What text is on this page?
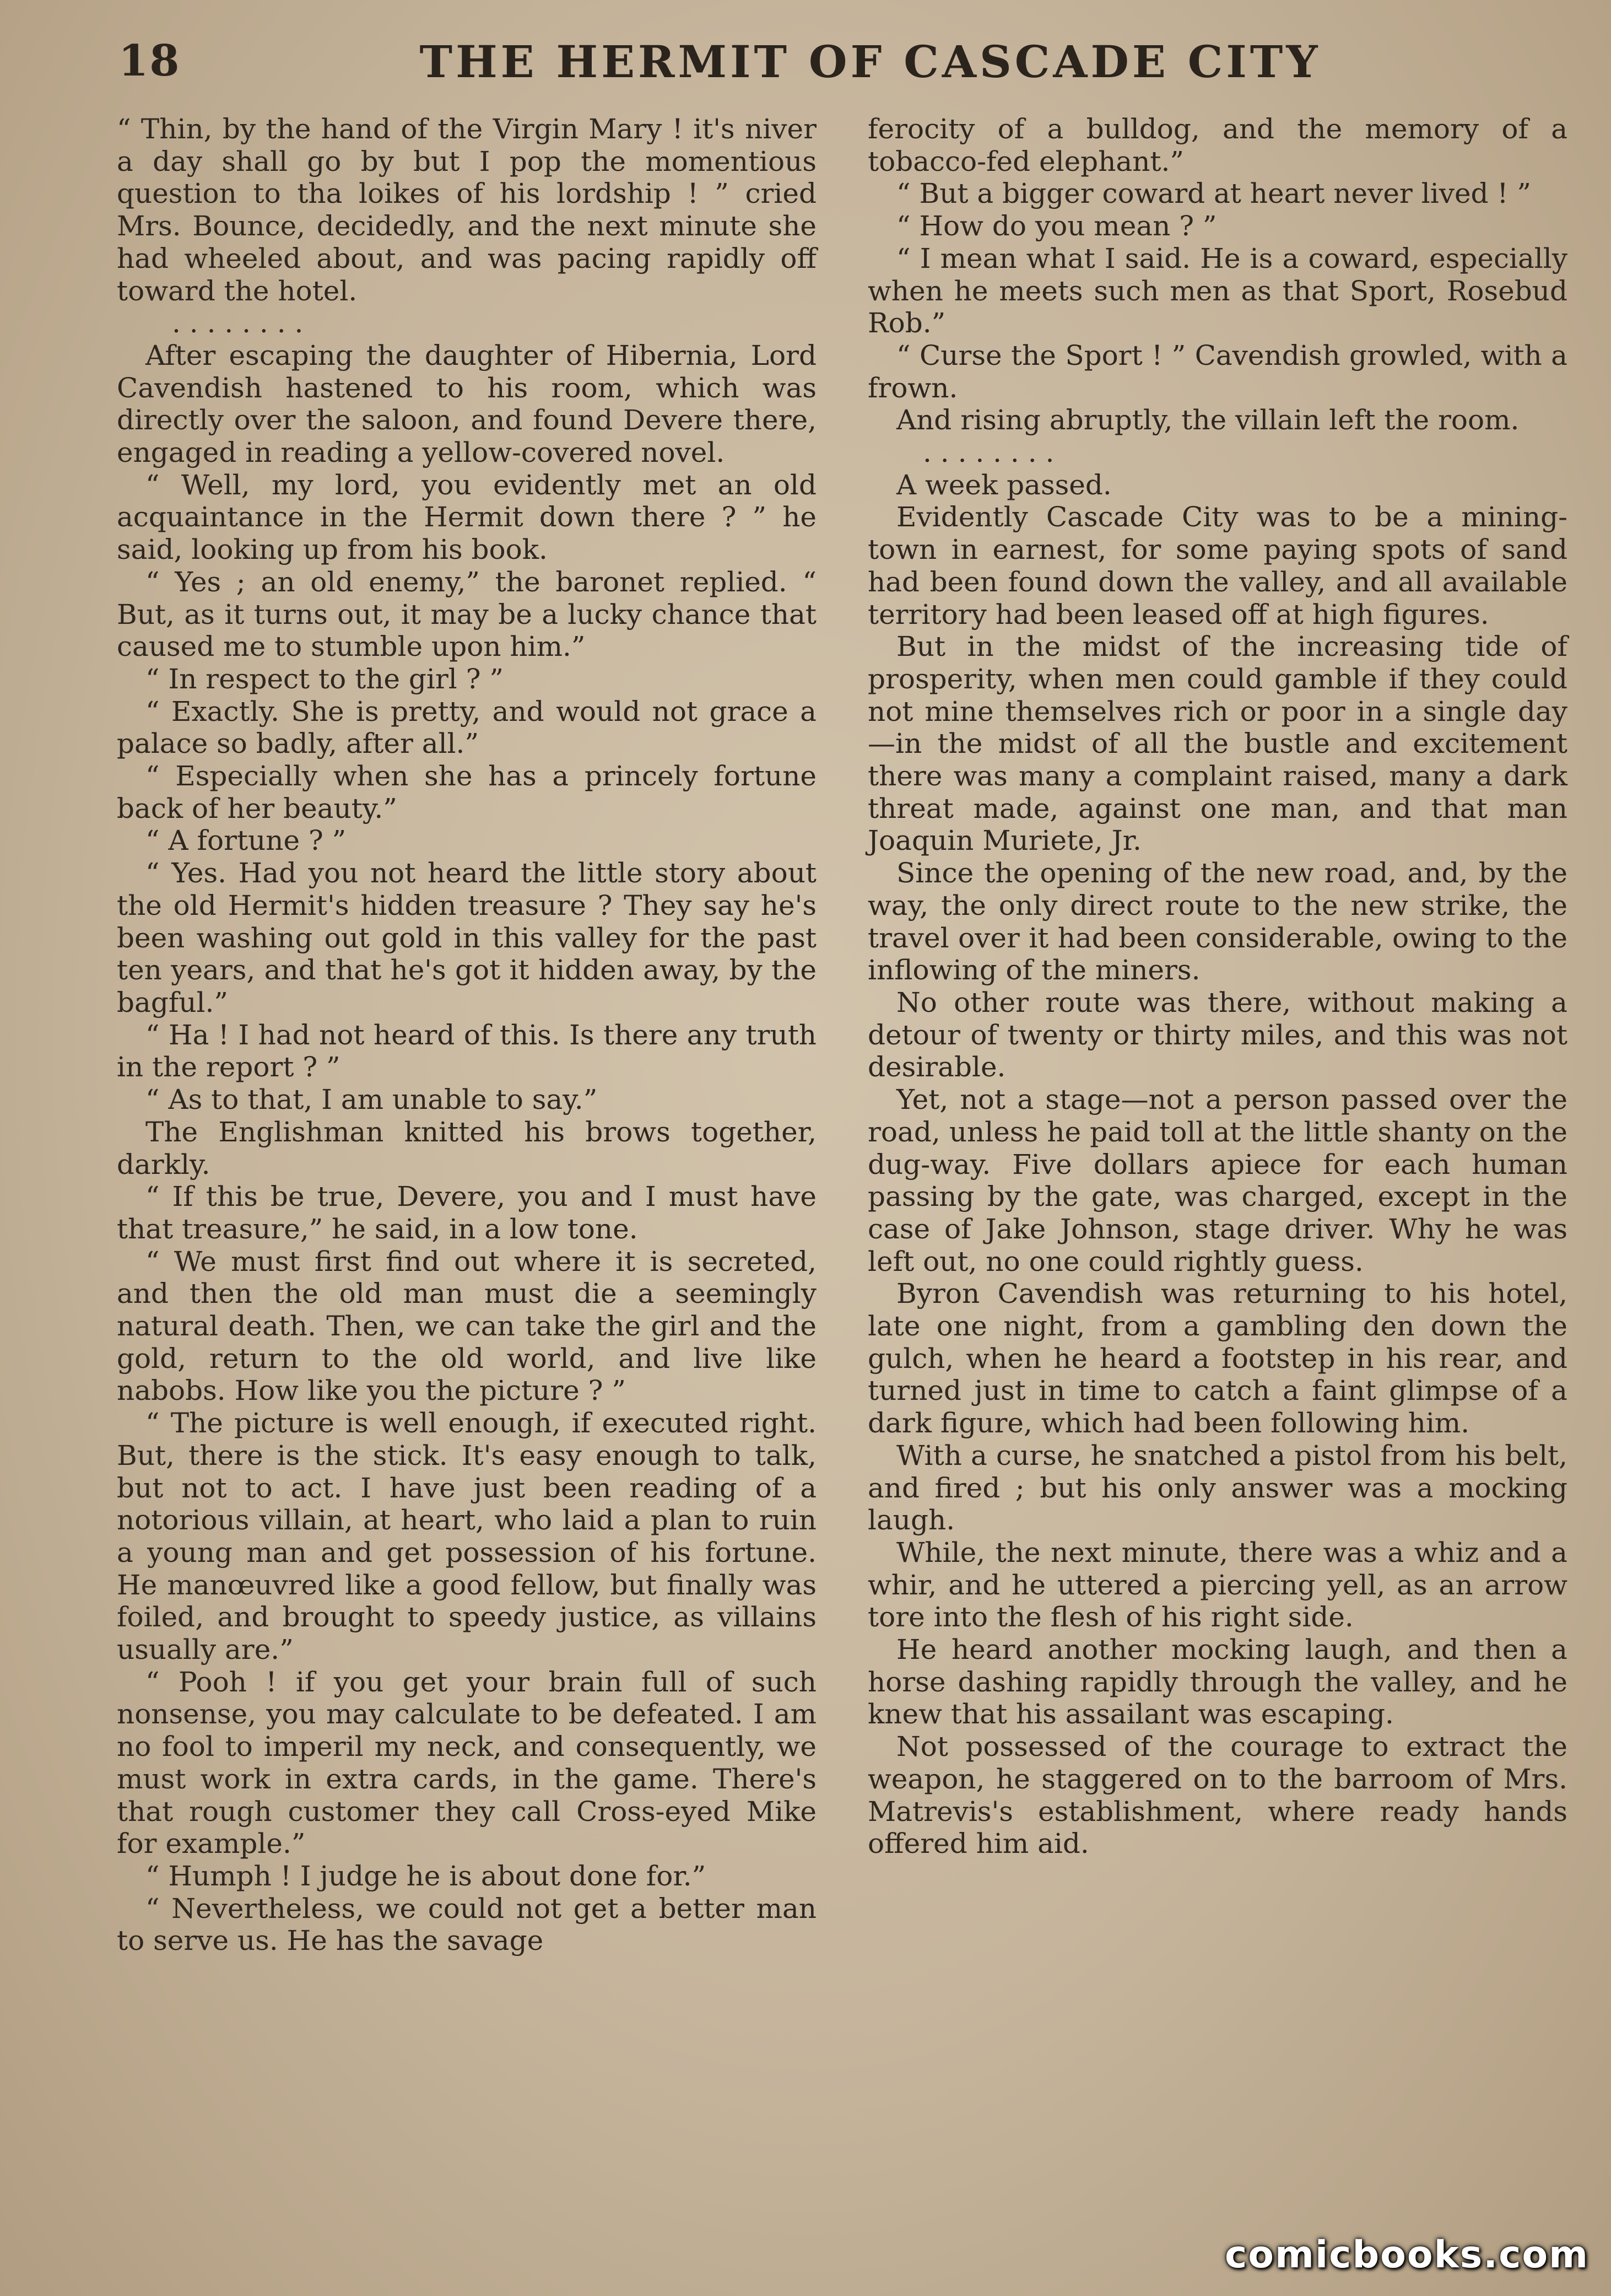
18	THE HERMIT OF CASCADE CITY

“ Thin, by the hand of the Virgin Mary ! it's niver a day shall go by but I pop the momentious question to tha loikes of his lordship ! ” cried Mrs. Bounce, decidedly, and the next minute she had wheeled about, and was pacing rapidly off toward the hotel.

. . . . . . . .

After escaping the daughter of Hibernia, Lord Cavendish hastened to his room, which was directly over the saloon, and found Devere there, engaged in reading a yellow-covered novel.

“ Well, my lord, you evidently met an old acquaintance in the Hermit down there ? ” he said, looking up from his book.

“ Yes ; an old enemy,” the baronet replied. “ But, as it turns out, it may be a lucky chance that caused me to stumble upon him.”

“ In respect to the girl ? ”

“ Exactly. She is pretty, and would not grace a palace so badly, after all.”

“ Especially when she has a princely fortune back of her beauty.”

“ A fortune ? ”

“ Yes. Had you not heard the little story about the old Hermit's hidden treasure ? They say he's been washing out gold in this valley for the past ten years, and that he's got it hidden away, by the bagful.”

“ Ha ! I had not heard of this. Is there any truth in the report ? ”

“ As to that, I am unable to say.”

The Englishman knitted his brows together, darkly.

“ If this be true, Devere, you and I must have that treasure,” he said, in a low tone.

“ We must first find out where it is secreted, and then the old man must die a seemingly natural death. Then, we can take the girl and the gold, return to the old world, and live like nabobs. How like you the picture ? ”

“ The picture is well enough, if executed right. But, there is the stick. It's easy enough to talk, but not to act. I have just been reading of a notorious villain, at heart, who laid a plan to ruin a young man and get possession of his fortune. He manœuvred like a good fellow, but finally was foiled, and brought to speedy justice, as villains usually are.”

“ Pooh ! if you get your brain full of such nonsense, you may calculate to be defeated. I am no fool to imperil my neck, and consequently, we must work in extra cards, in the game. There's that rough customer they call Cross-eyed Mike for example.”

“ Humph ! I judge he is about done for.”

“ Nevertheless, we could not get a better man to serve us. He has the savage

ferocity of a bulldog, and the memory of a tobacco-fed elephant.”

“ But a bigger coward at heart never lived ! ”

“ How do you mean ? ”

“ I mean what I said. He is a coward, especially when he meets such men as that Sport, Rosebud Rob.”

“ Curse the Sport ! ” Cavendish growled, with a frown.

And rising abruptly, the villain left the room.

. . . . . . . .

A week passed.

Evidently Cascade City was to be a mining-town in earnest, for some paying spots of sand had been found down the valley, and all available territory had been leased off at high figures.

But in the midst of the increasing tide of prosperity, when men could gamble if they could not mine themselves rich or poor in a single day—in the midst of all the bustle and excitement there was many a complaint raised, many a dark threat made, against one man, and that man Joaquin Muriete, Jr.

Since the opening of the new road, and, by the way, the only direct route to the new strike, the travel over it had been considerable, owing to the inflowing of the miners.

No other route was there, without making a detour of twenty or thirty miles, and this was not desirable.

Yet, not a stage—not a person passed over the road, unless he paid toll at the little shanty on the dug-way. Five dollars apiece for each human passing by the gate, was charged, except in the case of Jake Johnson, stage driver. Why he was left out, no one could rightly guess.

Byron Cavendish was returning to his hotel, late one night, from a gambling den down the gulch, when he heard a footstep in his rear, and turned just in time to catch a faint glimpse of a dark figure, which had been following him.

With a curse, he snatched a pistol from his belt, and fired ; but his only answer was a mocking laugh.

While, the next minute, there was a whiz and a whir, and he uttered a piercing yell, as an arrow tore into the flesh of his right side.

He heard another mocking laugh, and then a horse dashing rapidly through the valley, and he knew that his assailant was escaping.

Not possessed of the courage to extract the weapon, he staggered on to the barroom of Mrs. Matrevis's establishment, where ready hands offered him aid.

comicbooks.com
